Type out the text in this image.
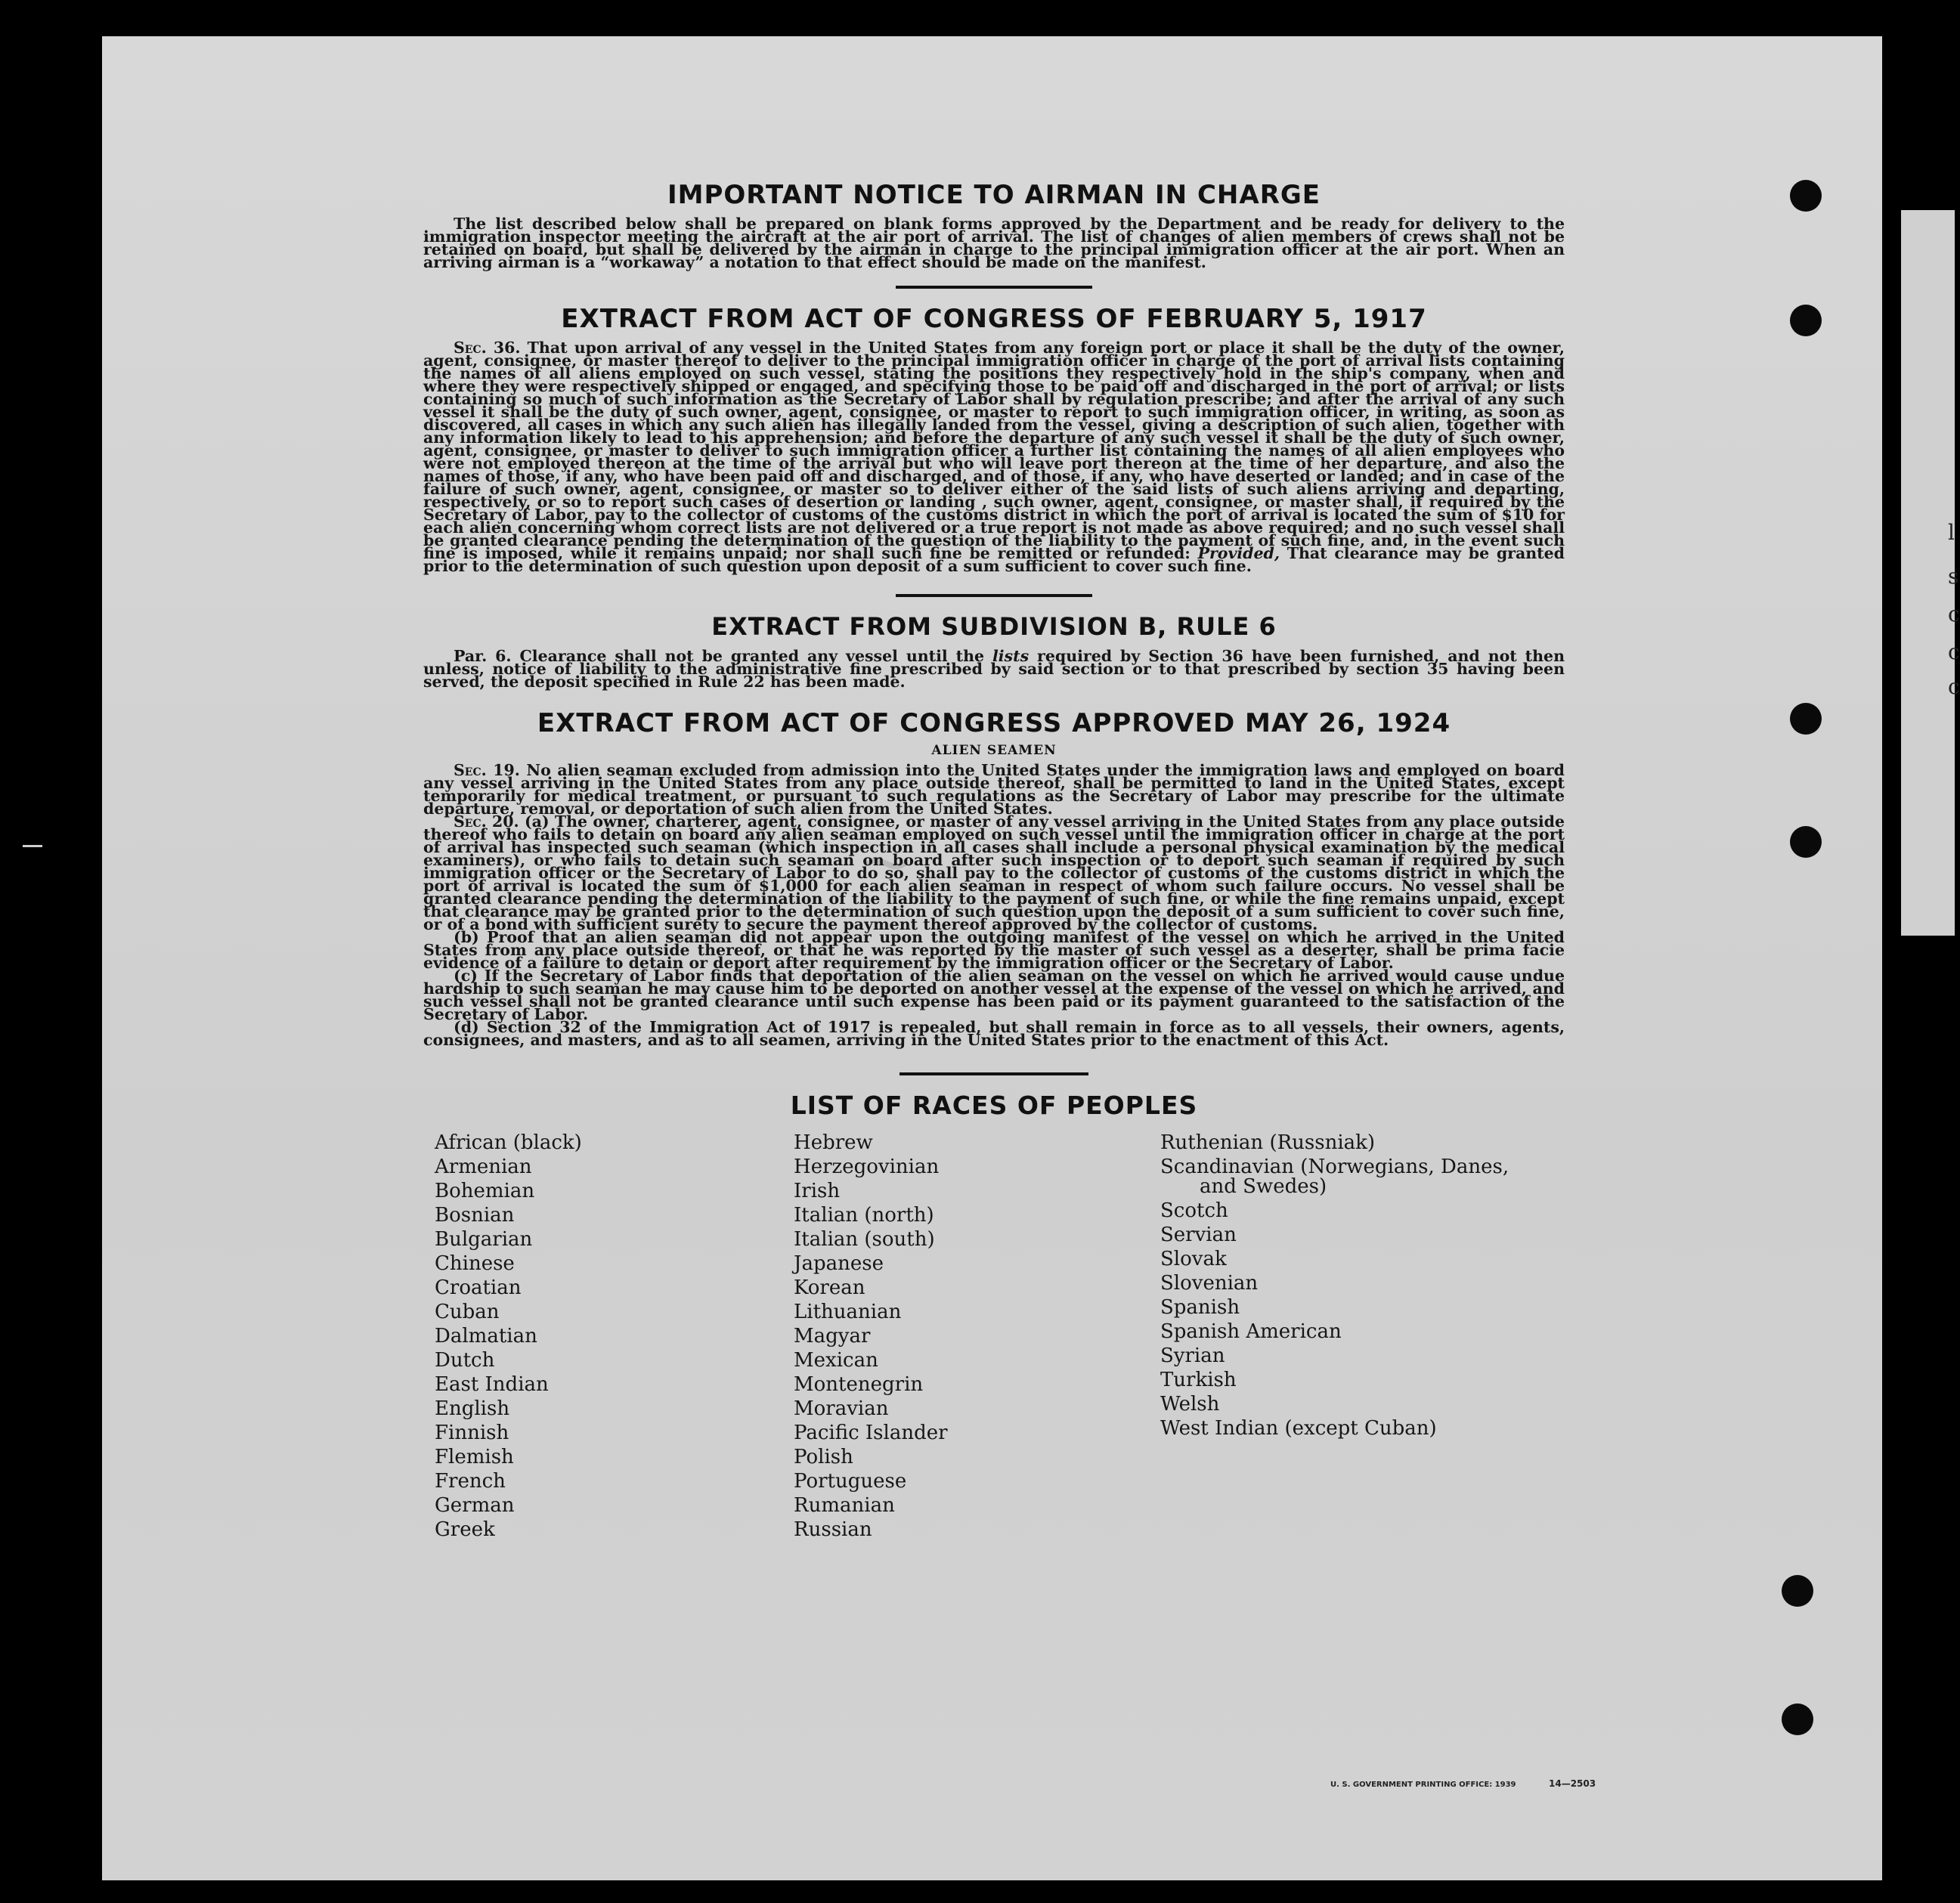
~
IMPORTANT NOTICE TO AIRMAN IN CHARGE

The list described below shall be prepared on blank forms approved by the Department and be ready for delivery to the immigration inspector meeting the aircraft at the air port of arrival. The list of changes of alien members of crews shall not be retained on board, but shall be delivered by the airman in charge to the principal immigration officer at the air port. When an arriving airman is a “workaway” a notation to that effect should be made on the manifest.

EXTRACT FROM ACT OF CONGRESS OF FEBRUARY 5, 1917

Sec. 36. That upon arrival of any vessel in the United States from any foreign port or place it shall be the duty of the owner, agent, consignee, or master thereof to deliver to the principal immigration officer in charge of the port of arrival lists containing the names of all aliens employed on such vessel, stating the positions they respectively hold in the ship's company, when and where they were respectively shipped or engaged, and specifying those to be paid off and discharged in the port of arrival; or lists containing so much of such information as the Secretary of Labor shall by regulation prescribe; and after the arrival of any such vessel it shall be the duty of such owner, agent, consignee, or master to report to such immigration officer, in writing, as soon as discovered, all cases in which any such alien has illegally landed from the vessel, giving a description of such alien, together with any information likely to lead to his apprehension; and before the departure of any such vessel it shall be the duty of such owner, agent, consignee, or master to deliver to such immigration officer a further list containing the names of all alien employees who were not employed thereon at the time of the arrival but who will leave port thereon at the time of her departure, and also the names of those, if any, who have been paid off and discharged, and of those, if any, who have deserted or landed; and in case of the failure of such owner, agent, consignee, or master so to deliver either of the said lists of such aliens arriving and departing, respectively, or so to report such cases of desertion or landing , such owner, agent, consignee, or master shall, if required by the Secretary of Labor, pay to the collector of customs of the customs district in which the port of arrival is located the sum of $10 for each alien concerning whom correct lists are not delivered or a true report is not made as above required; and no such vessel shall be granted clearance pending the determination of the question of the liability to the payment of such fine, and, in the event such fine is imposed, while it remains unpaid; nor shall such fine be remitted or refunded: Provided, That clearance may be granted prior to the determination of such question upon deposit of a sum sufficient to cover such fine.

EXTRACT FROM SUBDIVISION B, RULE 6

Par. 6. Clearance shall not be granted any vessel until the lists required by Section 36 have been furnished, and not then unless, notice of liability to the administrative fine prescribed by said section or to that prescribed by section 35 having been served, the deposit specified in Rule 22 has been made.

EXTRACT FROM ACT OF CONGRESS APPROVED MAY 26, 1924
ALIEN SEAMEN

Sec. 19. No alien seaman excluded from admission into the United States under the immigration laws and employed on board any vessel arriving in the United States from any place outside thereof, shall be permitted to land in the United States, except temporarily for medical treatment, or pursuant to such regulations as the Secretary of Labor may prescribe for the ultimate departure, removal, or deportation of such alien from the United States.

Sec. 20. (a) The owner, charterer, agent, consignee, or master of any vessel arriving in the United States from any place outside thereof who fails to detain on board any alien seaman employed on such vessel until the immigration officer in charge at the port of arrival has inspected such seaman (which inspection in all cases shall include a personal physical examination by the medical examiners), or who fails to detain such seaman on board after such inspection or to deport such seaman if required by such immigration officer or the Secretary of Labor to do so, shall pay to the collector of customs of the customs district in which the port of arrival is located the sum of $1,000 for each alien seaman in respect of whom such failure occurs. No vessel shall be granted clearance pending the determination of the liability to the payment of such fine, or while the fine remains unpaid, except that clearance may be granted prior to the determination of such question upon the deposit of a sum sufficient to cover such fine, or of a bond with sufficient surety to secure the payment thereof approved by the collector of customs.

(b) Proof that an alien seaman did not appear upon the outgoing manifest of the vessel on which he arrived in the United States from any place outside thereof, or that he was reported by the master of such vessel as a deserter, shall be prima facie evidence of a failure to detain or deport after requirement by the immigration officer or the Secretary of Labor.

(c) If the Secretary of Labor finds that deportation of the alien seaman on the vessel on which he arrived would cause undue hardship to such seaman he may cause him to be deported on another vessel at the expense of the vessel on which he arrived, and such vessel shall not be granted clearance until such expense has been paid or its payment guaranteed to the satisfaction of the Secretary of Labor.

(d) Section 32 of the Immigration Act of 1917 is repealed, but shall remain in force as to all vessels, their owners, agents, consignees, and masters, and as to all seamen, arriving in the United States prior to the enactment of this Act.

LIST OF RACES OF PEOPLES
African (black)
Armenian
Bohemian
Bosnian
Bulgarian
Chinese
Croatian
Cuban
Dalmatian
Dutch
East Indian
English
Finnish
Flemish
French
German
Greek
Hebrew
Herzegovinian
Irish
Italian (north)
Italian (south)
Japanese
Korean
Lithuanian
Magyar
Mexican
Montenegrin
Moravian
Pacific Islander
Polish
Portuguese
Rumanian
Russian
Ruthenian (Russniak)
Scandinavian (Norwegians, Danes,
and Swedes)
Scotch
Servian
Slovak
Slovenian
Spanish
Spanish American
Syrian
Turkish
Welsh
West Indian (except Cuban)
U. S. GOVERNMENT PRINTING OFFICE: 1939	14—2503
l
s
c
c
c
